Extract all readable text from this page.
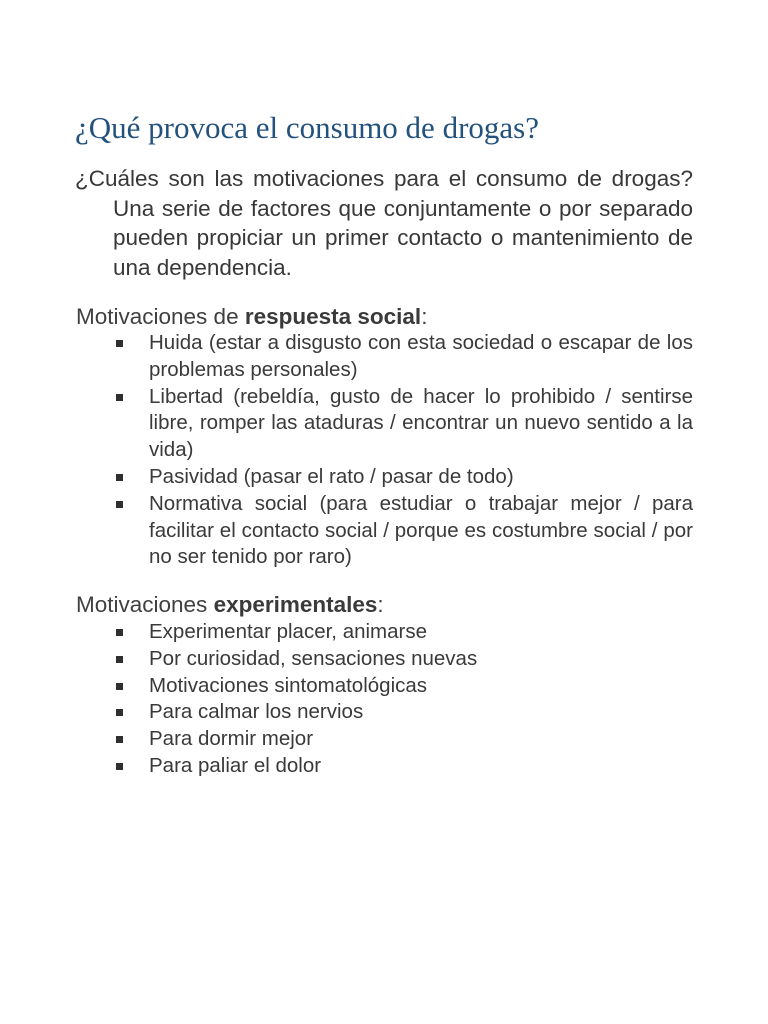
¿Qué provoca el consumo de drogas?

¿Cuáles son las motivaciones para el consumo de drogas? Una serie de factores que conjuntamente o por separado pueden propiciar un primer contacto o mantenimiento de una dependencia.

Motivaciones de respuesta social:

Huida (estar a disgusto con esta sociedad o escapar de los problemas personales)
Libertad (rebeldía, gusto de hacer lo prohibido / sentirse libre, romper las ataduras / encontrar un nuevo sentido a la vida)
Pasividad (pasar el rato / pasar de todo)
Normativa social (para estudiar o trabajar mejor / para facilitar el contacto social / porque es costumbre social / por no ser tenido por raro)

Motivaciones experimentales:

Experimentar placer, animarse
Por curiosidad, sensaciones nuevas
Motivaciones sintomatológicas
Para calmar los nervios
Para dormir mejor
Para paliar el dolor
